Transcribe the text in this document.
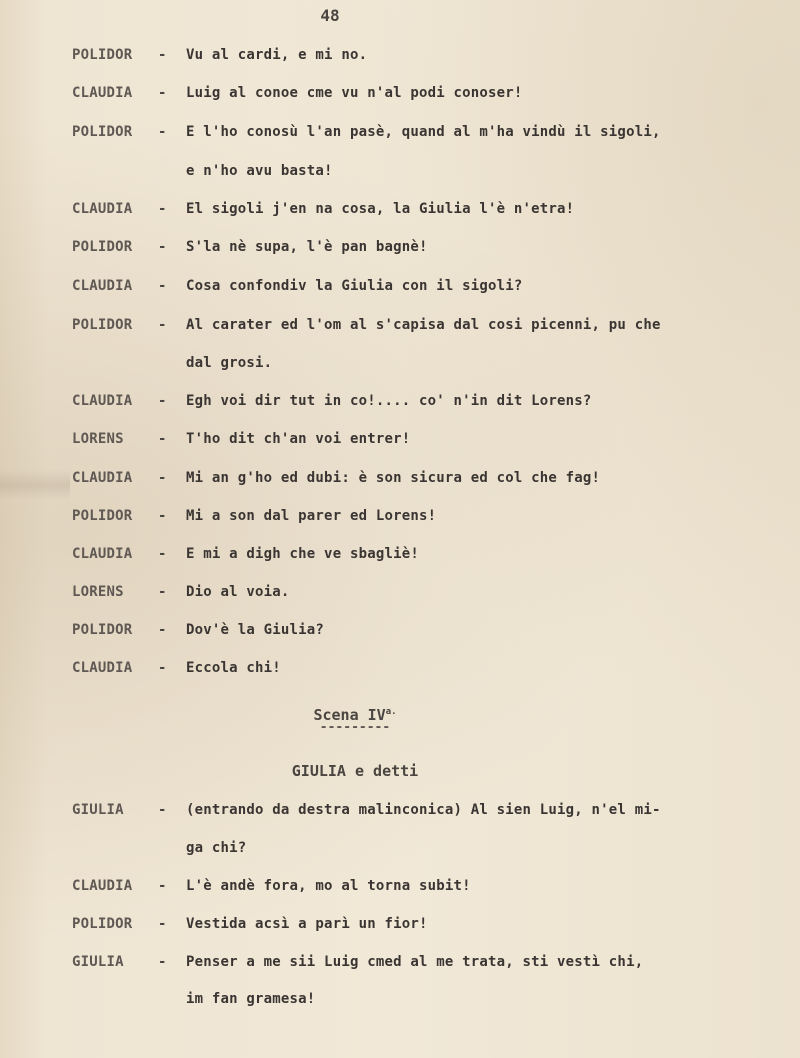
48
POLIDOR	- Vu al cardi, e mi no.
CLAUDIA	- Luig al conoe cme vu n'al podi conoser!
POLIDOR	- E l'ho conosù l'an pasè, quand al m'ha vindù il sigoli,
e n'ho avu basta!
CLAUDIA	- El sigoli j'en na cosa, la Giulia l'è n'etra!
POLIDOR	- S'la nè supa, l'è pan bagnè!
CLAUDIA	- Cosa confondiv la Giulia con il sigoli?
POLIDOR	- Al carater ed l'om al s'capisa dal cosi picenni, pu che
dal grosi.
CLAUDIA	- Egh voi dir tut in co!.... co' n'in dit Lorens?
LORENS	- T'ho dit ch'an voi entrer!
CLAUDIA	- Mi an g'ho ed dubi: è son sicura ed col che fag!
POLIDOR	- Mi a son dal parer ed Lorens!
CLAUDIA	- E mi a digh che ve sbagliè!
LORENS	- Dio al voia.
POLIDOR	- Dov'è la Giulia?
CLAUDIA	- Eccola chi!
Scena $IV^{a.}$
---------
GIULIA e detti
GIULIA	- (entrando da destra malinconica) Al sien Luig, n'el mi-
ga chi?
CLAUDIA	- L'è andè fora, mo al torna subit!
POLIDOR	- Vestida acsì a parì un fior!
GIULIA	- Penser a me sii Luig cmed al me trata, sti vestì chi,
im fan gramesa!
